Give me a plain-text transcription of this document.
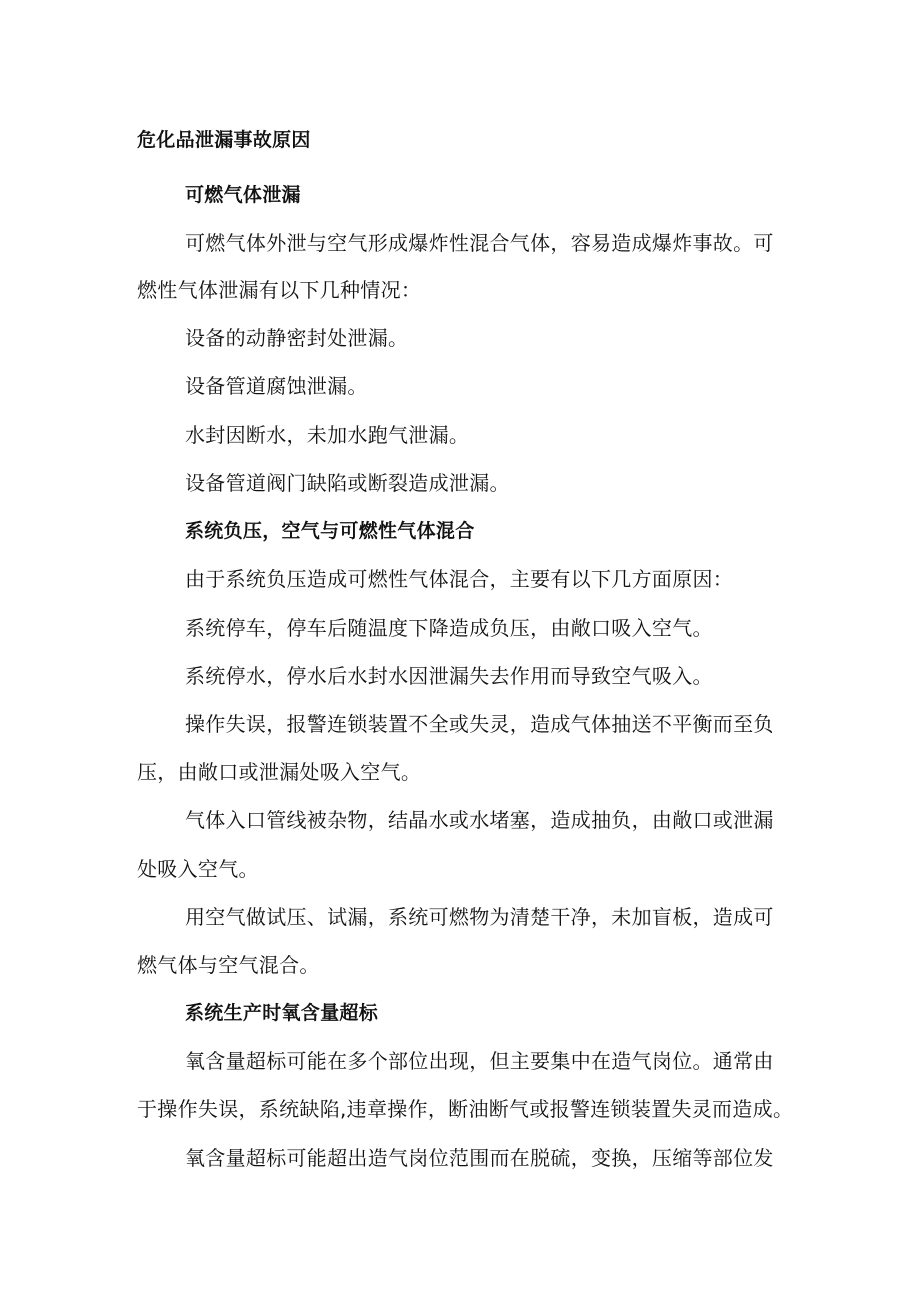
危化品泄漏事故原因
可燃气体泄漏
可燃气体外泄与空气形成爆炸性混合气体，容易造成爆炸事故。可
燃性气体泄漏有以下几种情况：
设备的动静密封处泄漏。
设备管道腐蚀泄漏。
水封因断水，未加水跑气泄漏。
设备管道阀门缺陷或断裂造成泄漏。
系统负压，空气与可燃性气体混合
由于系统负压造成可燃性气体混合，主要有以下几方面原因：
系统停车，停车后随温度下降造成负压，由敞口吸入空气。
系统停水，停水后水封水因泄漏失去作用而导致空气吸入。
操作失误，报警连锁装置不全或失灵，造成气体抽送不平衡而至负
压，由敞口或泄漏处吸入空气。
气体入口管线被杂物，结晶水或水堵塞，造成抽负，由敞口或泄漏
处吸入空气。
用空气做试压、试漏，系统可燃物为清楚干净，未加盲板，造成可
燃气体与空气混合。
系统生产时氧含量超标
氧含量超标可能在多个部位出现，但主要集中在造气岗位。通常由
于操作失误，系统缺陷,违章操作，断油断气或报警连锁装置失灵而造成。
氧含量超标可能超出造气岗位范围而在脱硫，变换，压缩等部位发
